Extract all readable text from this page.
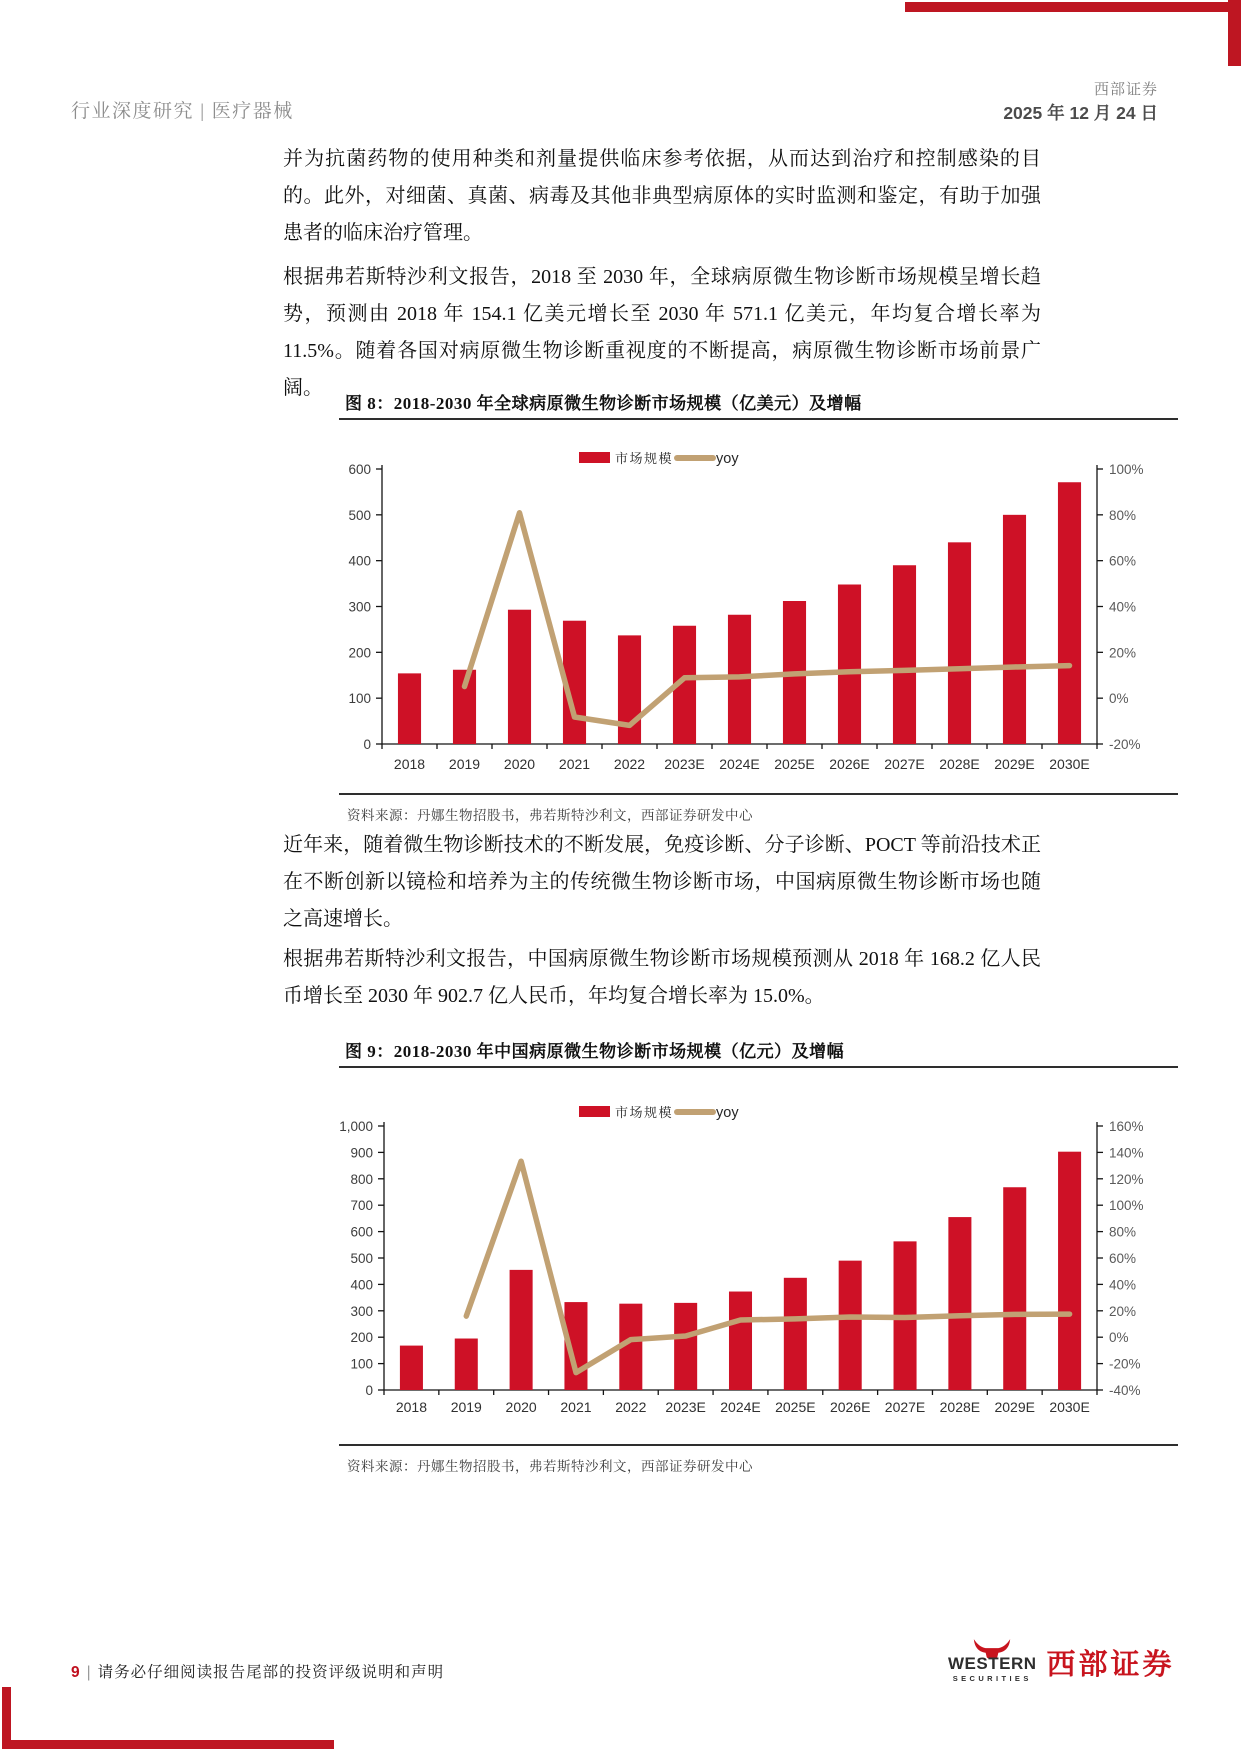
行业深度研究 | 医疗器械
西部证券
2025 年 12 月 24 日

并为抗菌药物的使用种类和剂量提供临床参考依据，从而达到治疗和控制感染的目的。此外，对细菌、真菌、病毒及其他非典型病原体的实时监测和鉴定，有助于加强患者的临床治疗管理。

根据弗若斯特沙利文报告，2018 至 2030 年，全球病原微生物诊断市场规模呈增长趋势，预测由 2018 年 154.1 亿美元增长至 2030 年 571.1 亿美元，年均复合增长率为 11.5%。随着各国对病原微生物诊断重视度的不断提高，病原微生物诊断市场前景广阔。

近年来，随着微生物诊断技术的不断发展，免疫诊断、分子诊断、POCT 等前沿技术正在不断创新以镜检和培养为主的传统微生物诊断市场，中国病原微生物诊断市场也随之高速增长。

根据弗若斯特沙利文报告，中国病原微生物诊断市场规模预测从 2018 年 168.2 亿人民币增长至 2030 年 902.7 亿人民币，年均复合增长率为 15.0%。

图 8：2018-2030 年全球病原微生物诊断市场规模（亿美元）及增幅
0
100
200
300
400
500
600
-20%
0%
20%
40%
60%
80%
100%
2018 2019 2020 2021 2022 2023E 2024E 2025E 2026E 2027E 2028E 2029E 2030E
市场规模	yoy
资料来源：丹娜生物招股书，弗若斯特沙利文，西部证券研发中心
图 9：2018-2030 年中国病原微生物诊断市场规模（亿元）及增幅
0
100
200
300
400
500
600
700
800
900
1,000
-40%
-20%
0%
20%
40%
60%
80%
100%
120%
140%
160%
2018 2019 2020 2021 2022 2023E 2024E 2025E 2026E 2027E 2028E 2029E 2030E
市场规模	yoy
资料来源：丹娜生物招股书，弗若斯特沙利文，西部证券研发中心
9 | 请务必仔细阅读报告尾部的投资评级说明和声明	WESTERN
SECURITIES 西部证券
